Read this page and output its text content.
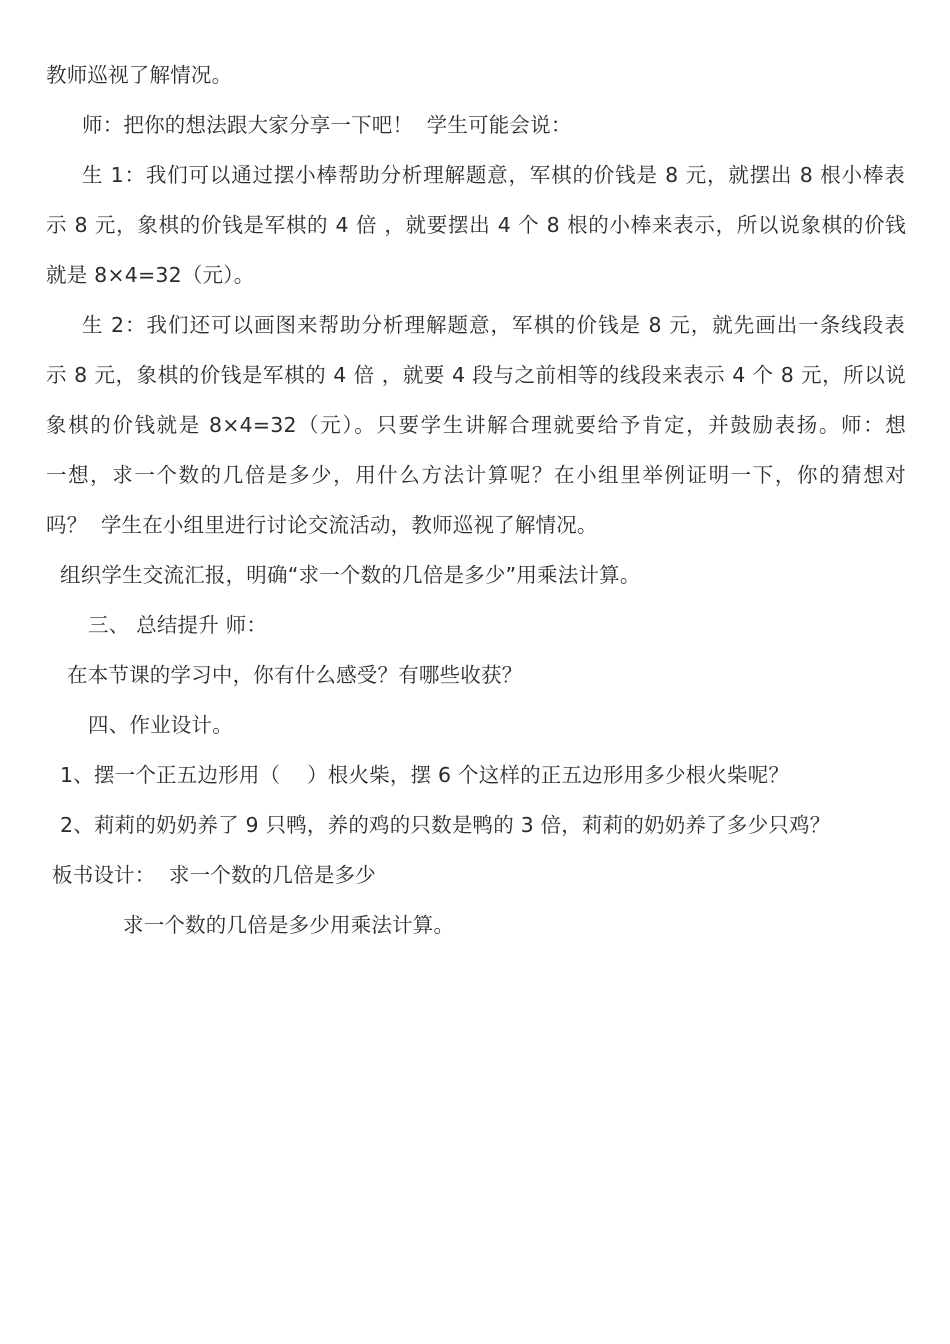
教师巡视了解情况。
师：把你的想法跟大家分享一下吧！  学生可能会说：
生 1：我们可以通过摆小棒帮助分析理解题意，军棋的价钱是 8 元，就摆出 8 根小棒表
示 8 元，象棋的价钱是军棋的 4 倍 ，就要摆出 4 个 8 根的小棒来表示，所以说象棋的价钱
就是 8×4=32（元）。
生 2：我们还可以画图来帮助分析理解题意，军棋的价钱是 8 元，就先画出一条线段表
示 8 元，象棋的价钱是军棋的 4 倍 ，就要 4 段与之前相等的线段来表示 4 个 8 元，所以说
象棋的价钱就是 8×4=32（元）。只要学生讲解合理就要给予肯定，并鼓励表扬。师：想
一想，求一个数的几倍是多少，用什么方法计算呢？在小组里举例证明一下，你的猜想对
吗？  学生在小组里进行讨论交流活动，教师巡视了解情况。
组织学生交流汇报，明确“求一个数的几倍是多少”用乘法计算。
三、 总结提升 师：
在本节课的学习中，你有什么感受？有哪些收获？
四、作业设计。
1、摆一个正五边形用（    ）根火柴，摆 6 个这样的正五边形用多少根火柴呢？
2、莉莉的奶奶养了 9 只鸭，养的鸡的只数是鸭的 3 倍，莉莉的奶奶养了多少只鸡？
板书设计：  求一个数的几倍是多少
求一个数的几倍是多少用乘法计算。
